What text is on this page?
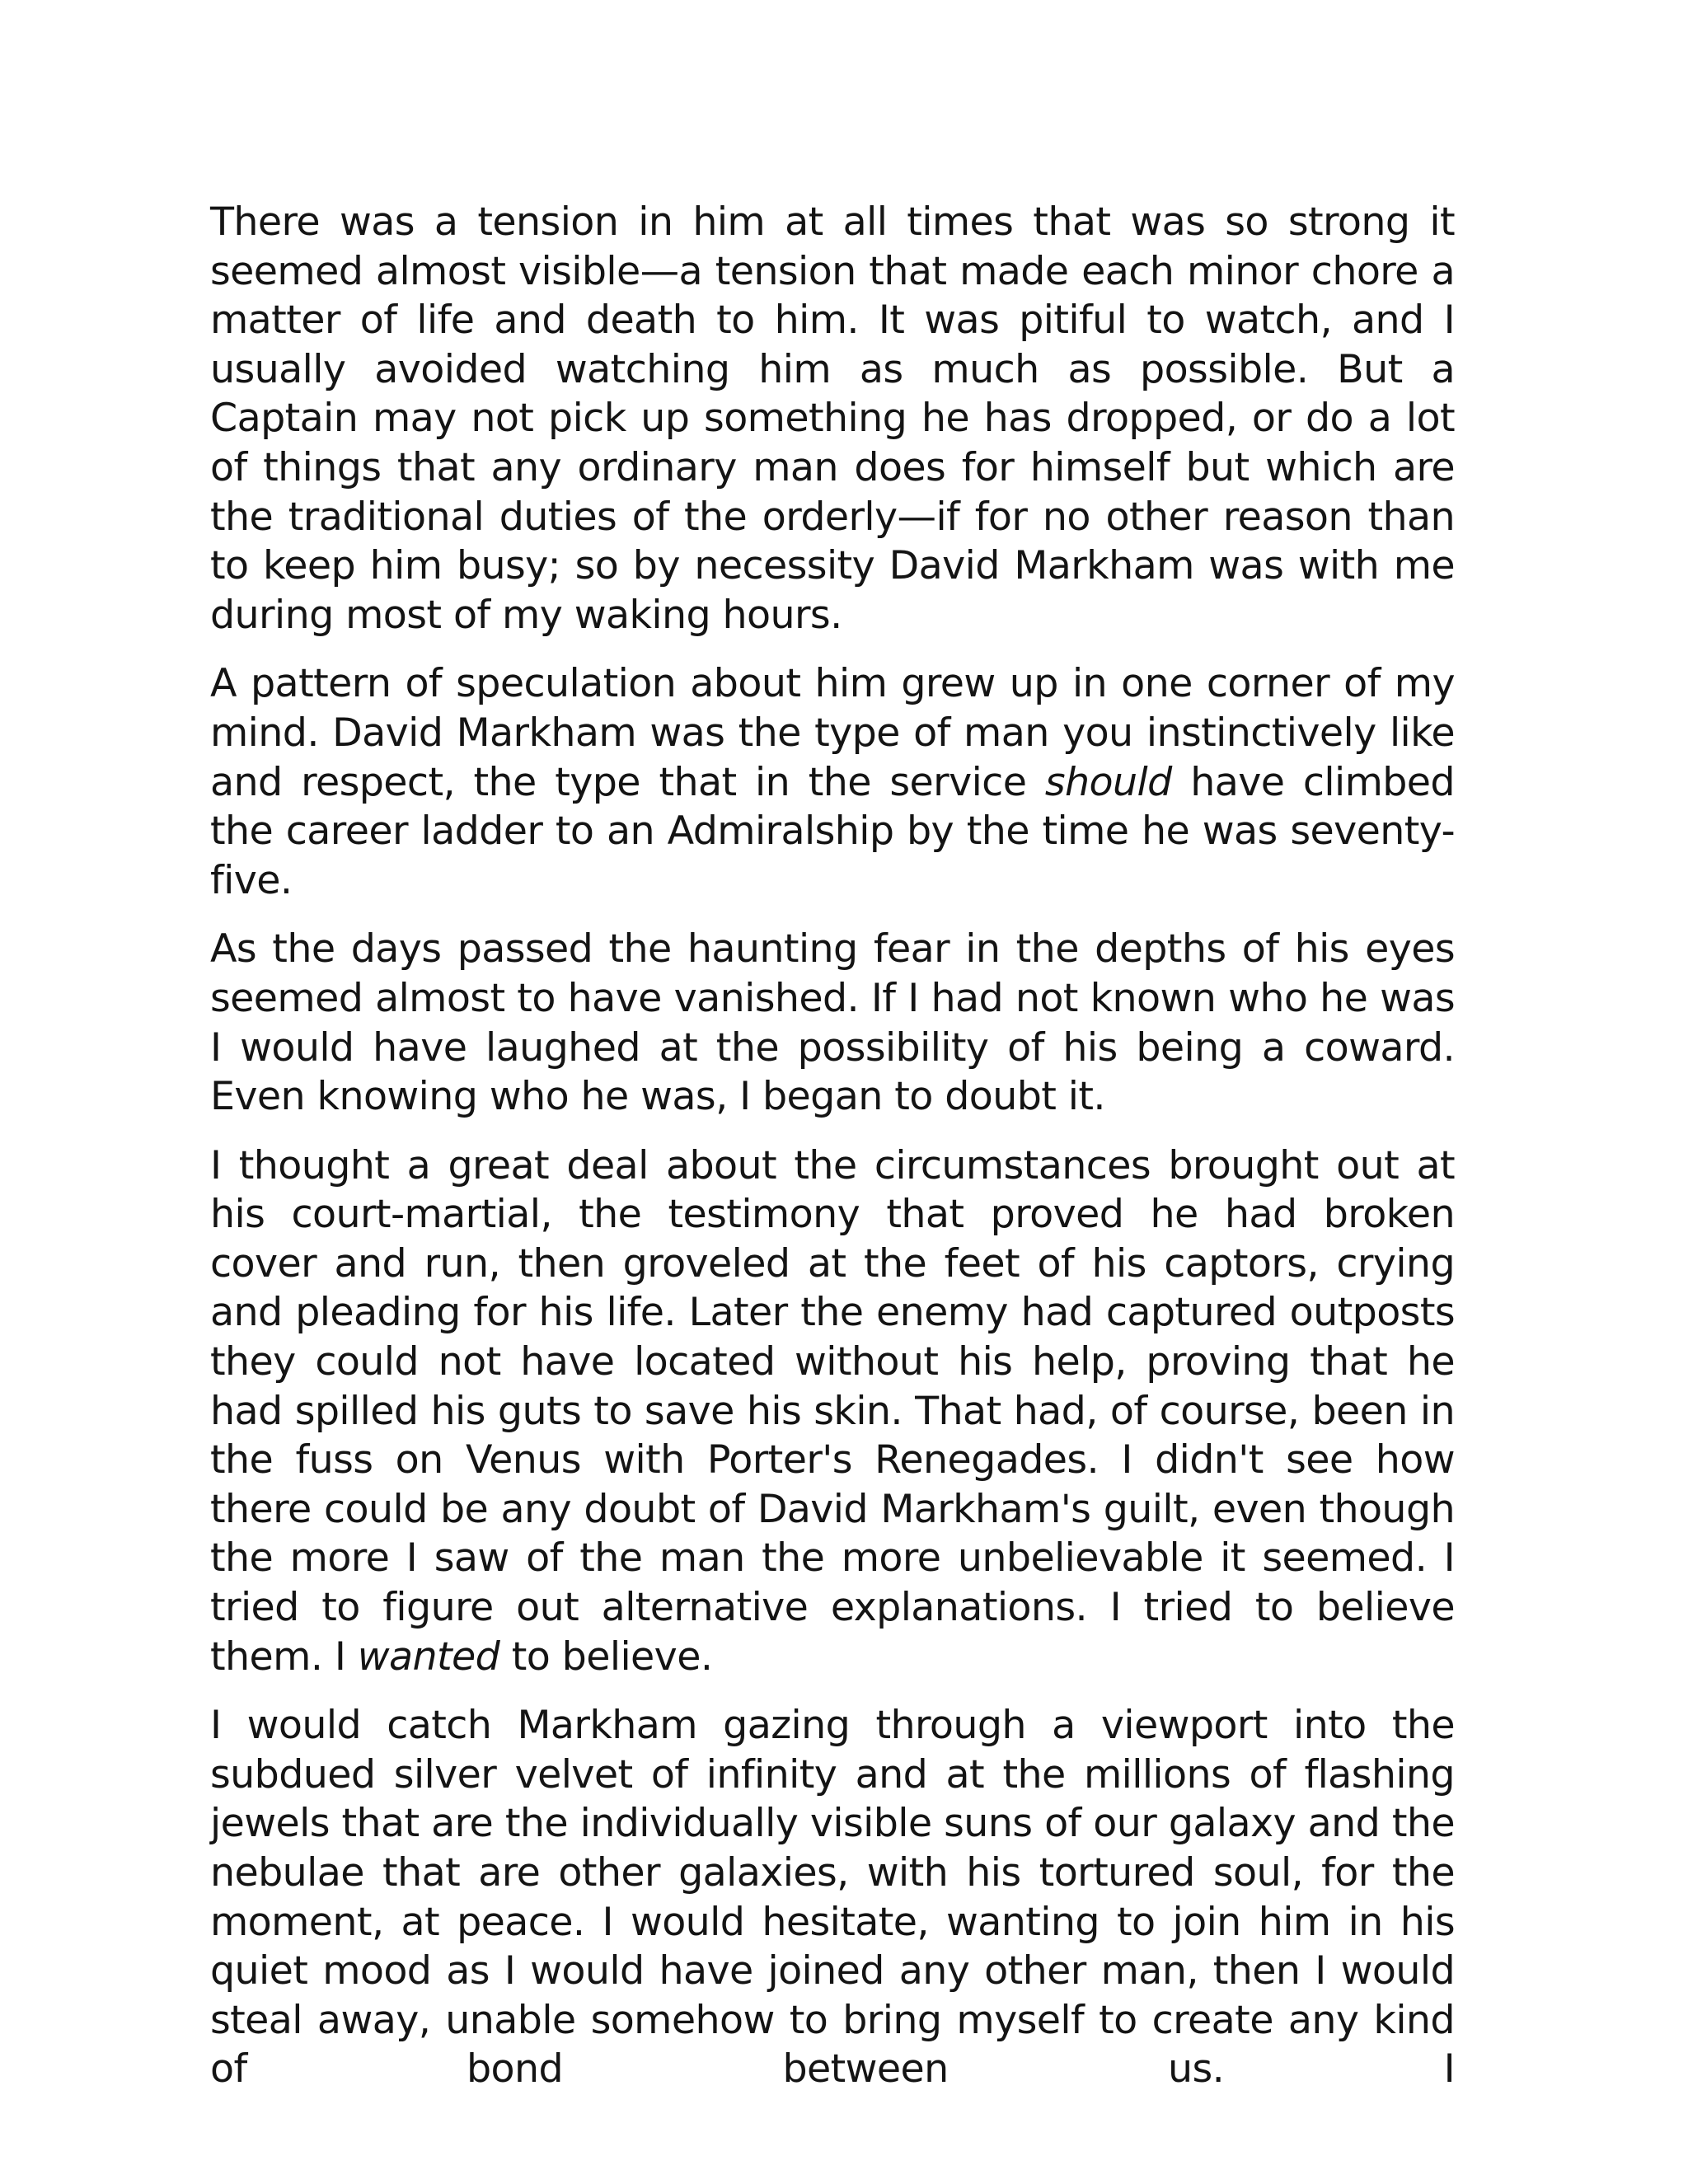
There was a tension in him at all times that was so strong it seemed almost visible—a tension that made each minor chore a matter of life and death to him. It was pitiful to watch, and I usually avoided watching him as much as possible. But a Captain may not pick up something he has dropped, or do a lot of things that any ordinary man does for himself but which are the traditional duties of the orderly—if for no other reason than to keep him busy; so by necessity David Markham was with me during most of my waking hours.

A pattern of speculation about him grew up in one corner of my mind. David Markham was the type of man you instinctively like and respect, the type that in the service should have climbed the career ladder to an Admiralship by the time he was seventy-five.

As the days passed the haunting fear in the depths of his eyes seemed almost to have vanished. If I had not known who he was I would have laughed at the possibility of his being a coward. Even knowing who he was, I began to doubt it.

I thought a great deal about the circumstances brought out at his court-martial, the testimony that proved he had broken cover and run, then groveled at the feet of his captors, crying and pleading for his life. Later the enemy had captured outposts they could not have located without his help, proving that he had spilled his guts to save his skin. That had, of course, been in the fuss on Venus with Porter's Renegades. I didn't see how there could be any doubt of David Markham's guilt, even though the more I saw of the man the more unbelievable it seemed. I tried to figure out alternative explanations. I tried to believe them. I wanted to believe.

I would catch Markham gazing through a viewport into the subdued silver velvet of infinity and at the millions of flashing jewels that are the individually visible suns of our galaxy and the nebulae that are other galaxies, with his tortured soul, for the moment, at peace. I would hesitate, wanting to join him in his quiet mood as I would have joined any other man, then I would steal away, unable somehow to bring myself to create any kind of bond between us. I
